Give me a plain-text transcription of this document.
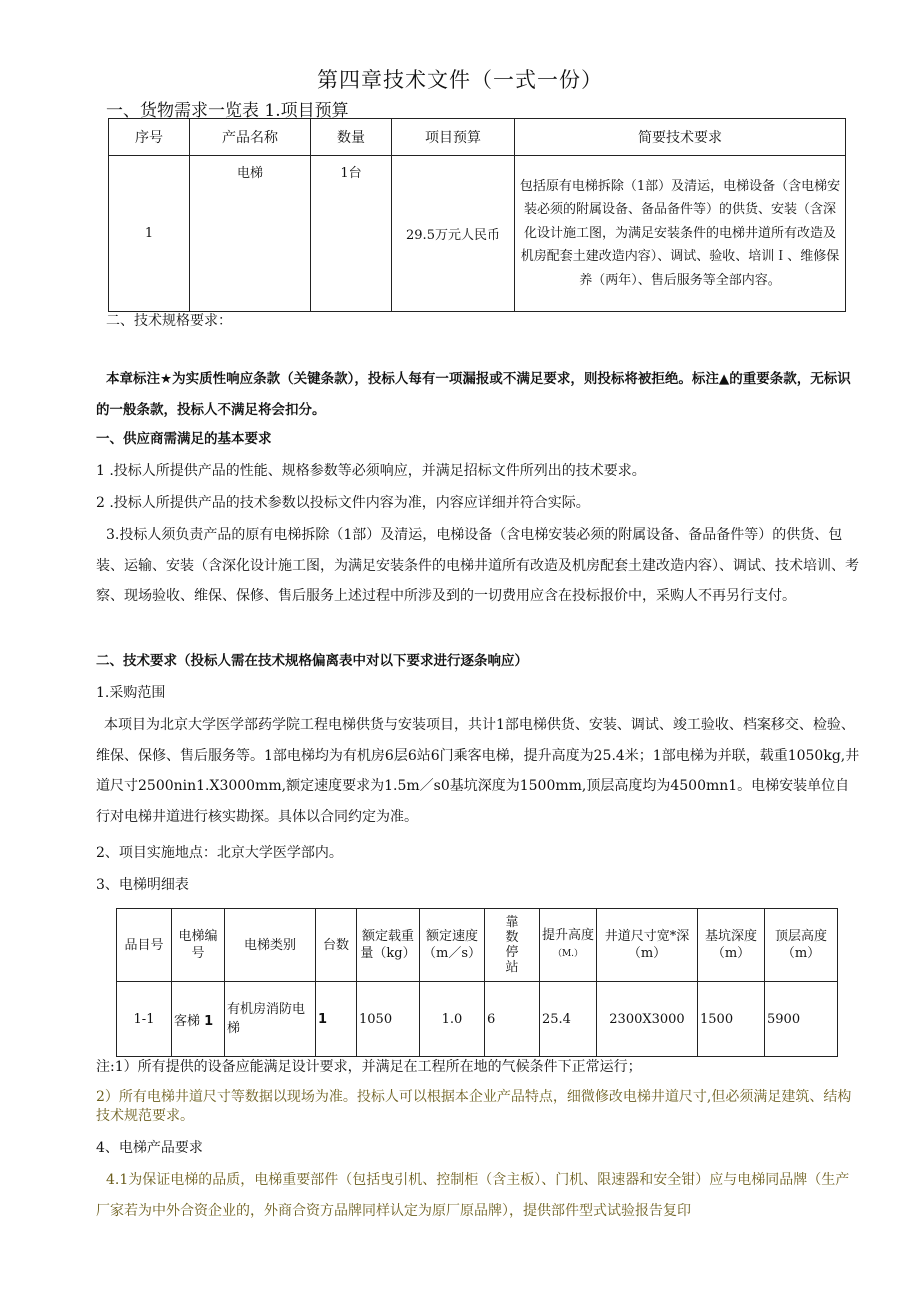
第四章技术文件（一式一份）
一、货物需求一览表 1.项目预算
序号	产品名称	数量	项目预算	简要技术要求
1	电梯	1台	29.5万元人民币	包括原有电梯拆除（1部）及清运，电梯设备（含电梯安装必须的附属设备、备品备件等）的供货、安装（含深化设计施工图，为满足安装条件的电梯井道所有改造及机房配套土建改造内容）、调试、验收、培训Ｉ、维修保养（两年）、售后服务等全部内容。
二、技术规格要求：
本章标注★为实质性响应条款（关键条款），投标人每有一项漏报或不满足要求，则投标将被拒绝。标注▲的重要条款，无标识的一般条款，投标人不满足将会扣分。
一、供应商需满足的基本要求
1 .投标人所提供产品的性能、规格参数等必须响应，并满足招标文件所列出的技术要求。
2 .投标人所提供产品的技术参数以投标文件内容为准，内容应详细并符合实际。
3.投标人须负责产品的原有电梯拆除（1部）及清运，电梯设备（含电梯安装必须的附属设备、备品备件等）的供货、包装、运输、安装（含深化设计施工图，为满足安装条件的电梯井道所有改造及机房配套土建改造内容）、调试、技术培训、考察、现场验收、维保、保修、售后服务上述过程中所涉及到的一切费用应含在投标报价中，采购人不再另行支付。
二、技术要求（投标人需在技术规格偏离表中对以下要求进行逐条响应）
1.采购范围
本项目为北京大学医学部药学院工程电梯供货与安装项目，共计1部电梯供货、安装、调试、竣工验收、档案移交、检验、维保、保修、售后服务等。1部电梯均为有机房6层6站6门乘客电梯，提升高度为25.4米；1部电梯为并联，载重1050kg,井道尺寸2500nin1.X3000mm,额定速度要求为1.5m／s0基坑深度为1500mm,顶层高度均为4500mn1。电梯安装单位自行对电梯井道进行核实勘探。具体以合同约定为准。
2、项目实施地点：北京大学医学部内。
3、电梯明细表
品目号	电梯编号	电梯类别	台数	额定载重量（kg）	额定速度（m／s）	靠数停站	提升高度（M.）	井道尺寸宽*深（m）	基坑深度（m）	顶层高度（m）
1-1	客梯 1	有机房消防电梯	1	1050	1.0	6	25.4	2300X3000	1500	5900
注:1）所有提供的设备应能满足设计要求，并满足在工程所在地的气候条件下正常运行；
2）所有电梯井道尺寸等数据以现场为准。投标人可以根据本企业产品特点，细微修改电梯井道尺寸,但必须满足建筑、结构技术规范要求。
4、电梯产品要求
4.1为保证电梯的品质，电梯重要部件（包括曳引机、控制柜（含主板）、门机、限速器和安全钳）应与电梯同品牌（生产厂家若为中外合资企业的，外商合资方品牌同样认定为原厂原品牌），提供部件型式试验报告复印
